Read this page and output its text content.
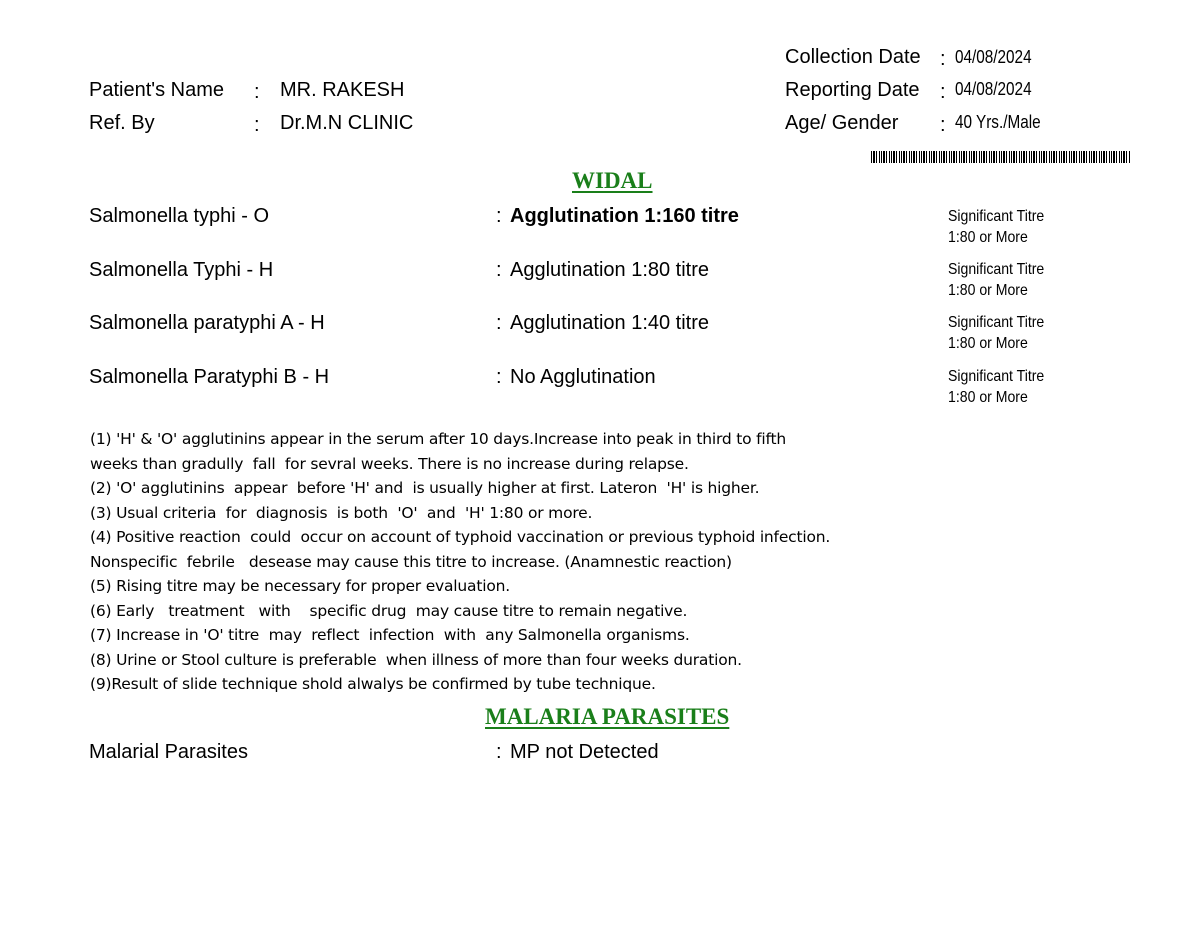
Collection Date : 04/08/2024
Reporting Date : 04/08/2024
Age/ Gender : 40 Yrs./Male
Patient's Name : MR. RAKESH
Ref. By	: Dr.M.N CLINIC
WIDAL
Salmonella typhi - O	: Agglutination 1:160 titre	Significant Titre
1:80 or More
Salmonella Typhi - H	: Agglutination 1:80 titre	Significant Titre
1:80 or More
Salmonella paratyphi A - H	: Agglutination 1:40 titre	Significant Titre
1:80 or More
Salmonella Paratyphi B - H	: No Agglutination	Significant Titre
1:80 or More
(1) 'H' & 'O' agglutinins appear in the serum after 10 days.Increase into peak in third to fifth
weeks than gradully  fall  for sevral weeks. There is no increase during relapse.
(2) 'O' agglutinins  appear  before 'H' and  is usually higher at first. Lateron  'H' is higher.
(3) Usual criteria  for  diagnosis  is both  'O'  and  'H' 1:80 or more.
(4) Positive reaction  could  occur on account of typhoid vaccination or previous typhoid infection.
Nonspecific  febrile   desease may cause this titre to increase. (Anamnestic reaction)
(5) Rising titre may be necessary for proper evaluation.
(6) Early   treatment   with    specific drug  may cause titre to remain negative.
(7) Increase in 'O' titre  may  reflect  infection  with  any Salmonella organisms.
(8) Urine or Stool culture is preferable  when illness of more than four weeks duration.
(9)Result of slide technique shold alwalys be confirmed by tube technique.
MALARIA PARASITES
Malarial Parasites	: MP not Detected
